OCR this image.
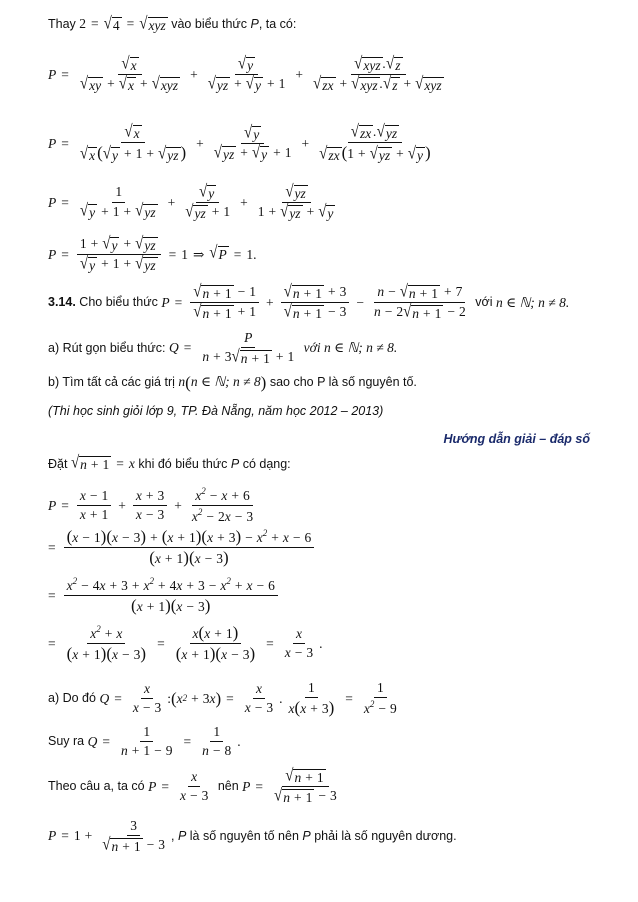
Thay
2 = √ 4 = √ xyz
vào biểu thức
P , ta có:
$P = \frac{√ x}{\text{√ xy + √ x + √ xyz}} + \frac{√ y}{√ yz + √ y + 1} + \frac{\text{√ xyz . √ z}}{\text{√ zx + √ xyz . √ z + √ xyz}}$
$P = \frac{√ x}{√ x ( √ y + 1 + √ yz )} + \frac{√ y}{√ yz + √ y + 1} + \frac{√ zx . √ yz}{√ zx (1 + √ yz + √ y )}$
$P = \frac{1}{√ y + 1 + √ yz} + \frac{√ y}{√ yz + 1} + \frac{√ yz}{1 + √ yz + √ y}$
$P = \frac{1 + √ y + √ yz}{√ y + 1 + √ yz} = 1$ ⇒ √ P = 1.
3.14.
Cho biểu thức
$P = \frac{√ n + 1 - 1}{√ n + 1 + 1} + \frac{√ n + 1 + 3}{√ n + 1 - 3} - \frac{n - √ n + 1 + 7}{n - 2 √ n + 1 - 2}$
với
n ∈ ℕ; n ≠ 8.
a) Rút gọn biểu thức:
$Q = \frac{P}{n + 3 √ n + 1 + 1}$
với n ∈ ℕ; n ≠ 8.
b) Tìm tất cả các giá trị
n ( n ∈ ℕ; n ≠ 8 )
sao cho P là số nguyên tố.
(Thi học sinh giỏi lớp 9, TP. Đà Nẵng, năm học 2012 – 2013)
Hướng dẫn giải – đáp số
Đặt
√ n + 1 = x
khi đó biểu thức
P
có dạng:
$P = \frac{x - 1}{x + 1} + \frac{x + 3}{x - 3} + \frac{x^2 - x + 6}{x^2 - 2x - 3}$
= $\frac{(x - 1)(x - 3) + (x + 1)(x + 3) - x^2 + x - 6}{(x + 1)(x - 3)}$
= $\frac{x^2 - 4x + 3 + x^2 + 4x + 3 - x^2 + x - 6}{(x + 1)(x - 3)}$
= $\frac{x^2 + x}{(x + 1)(x - 3)} = \frac{x(x + 1)}{(x + 1)(x - 3)} = \frac{x}{x - 3}$ .
a) Do đó
$Q = \frac{x}{x - 3}$ : ( x 2 + 3 x ) = $\frac{x}{x - 3}$ . $\frac{1}{x(x + 3)} = \frac{1}{x^2 - 9}$
Suy ra
$Q = \frac{1}{n + 1 - 9} = \frac{1}{n - 8}$ .
Theo câu a, ta có
$P = \frac{x}{x - 3}$
nên
$P = \frac{√ n + 1}{√ n + 1 - 3}$
$P = 1 + \frac{3}{√ n + 1 - 3}$ ,
P
là số nguyên tố nên
P
phải là số nguyên dương.
